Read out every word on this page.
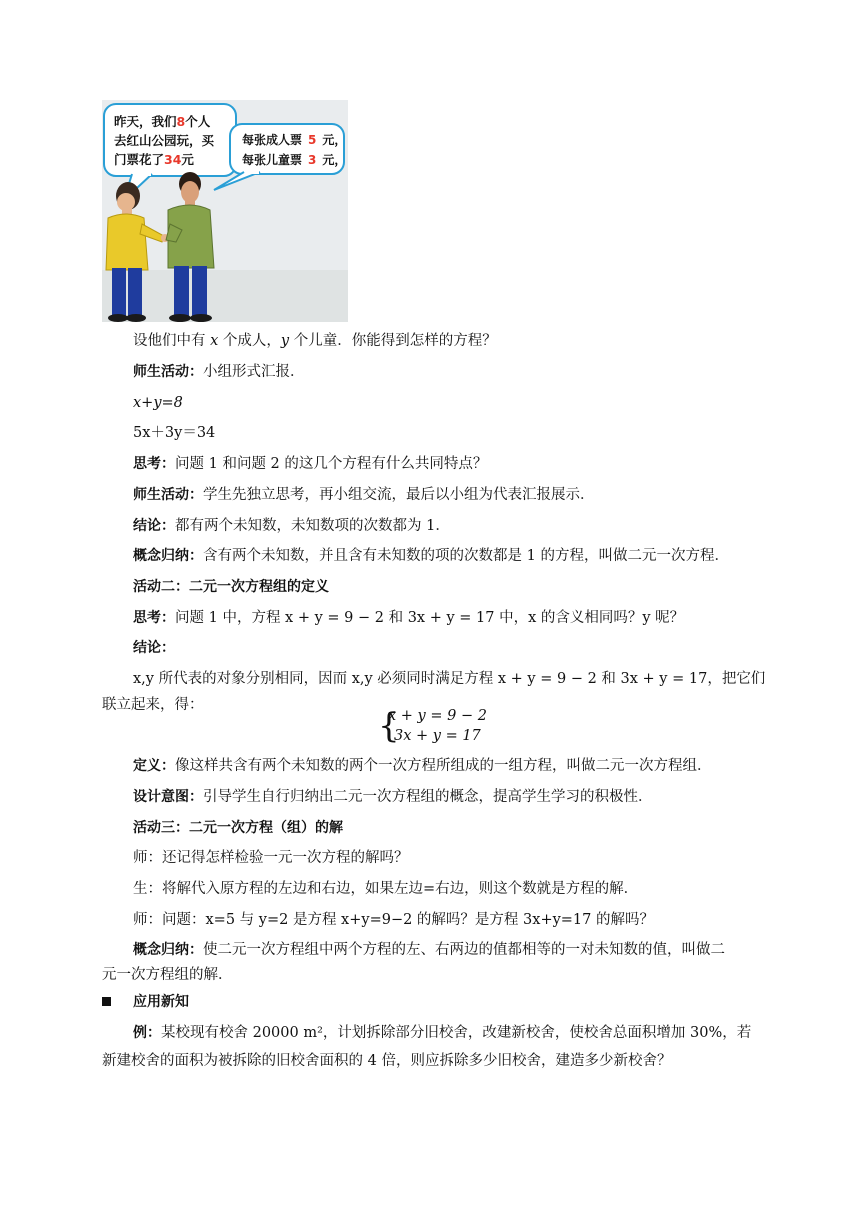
昨天，我们8个人
去红山公园玩，买
门票花了34元
每张成人票 5 元，
每张儿童票 3 元，
设他们中有 x 个成人，y 个儿童．你能得到怎样的方程？
师生活动：小组形式汇报．
x+y=8
5x＋3y＝34
思考：问题 1 和问题 2 的这几个方程有什么共同特点？
师生活动：学生先独立思考，再小组交流，最后以小组为代表汇报展示．
结论：都有两个未知数，未知数项的次数都为 1．
概念归纳：含有两个未知数，并且含有未知数的项的次数都是 1 的方程，叫做二元一次方程．
活动二：二元一次方程组的定义
思考：问题 1 中，方程 x + y = 9 − 2 和 3x + y = 17 中，x 的含义相同吗？y 呢？
结论：
x,y 所代表的对象分别相同，因而 x,y 必须同时满足方程 x + y = 9 − 2 和 3x + y = 17，把它们
联立起来，得：
{
x + y = 9 − 2
3x + y = 17
定义：像这样共含有两个未知数的两个一次方程所组成的一组方程，叫做二元一次方程组．
设计意图：引导学生自行归纳出二元一次方程组的概念，提高学生学习的积极性．
活动三：二元一次方程（组）的解
师：还记得怎样检验一元一次方程的解吗？
生：将解代入原方程的左边和右边，如果左边=右边，则这个数就是方程的解．
师：问题：x=5 与 y=2 是方程 x+y=9−2 的解吗？是方程 3x+y=17 的解吗？
概念归纳：使二元一次方程组中两个方程的左、右两边的值都相等的一对未知数的值，叫做二
元一次方程组的解．
应用新知
例：某校现有校舍 20000 m²，计划拆除部分旧校舍，改建新校舍，使校舍总面积增加 30%，若
新建校舍的面积为被拆除的旧校舍面积的 4 倍，则应拆除多少旧校舍，建造多少新校舍？
